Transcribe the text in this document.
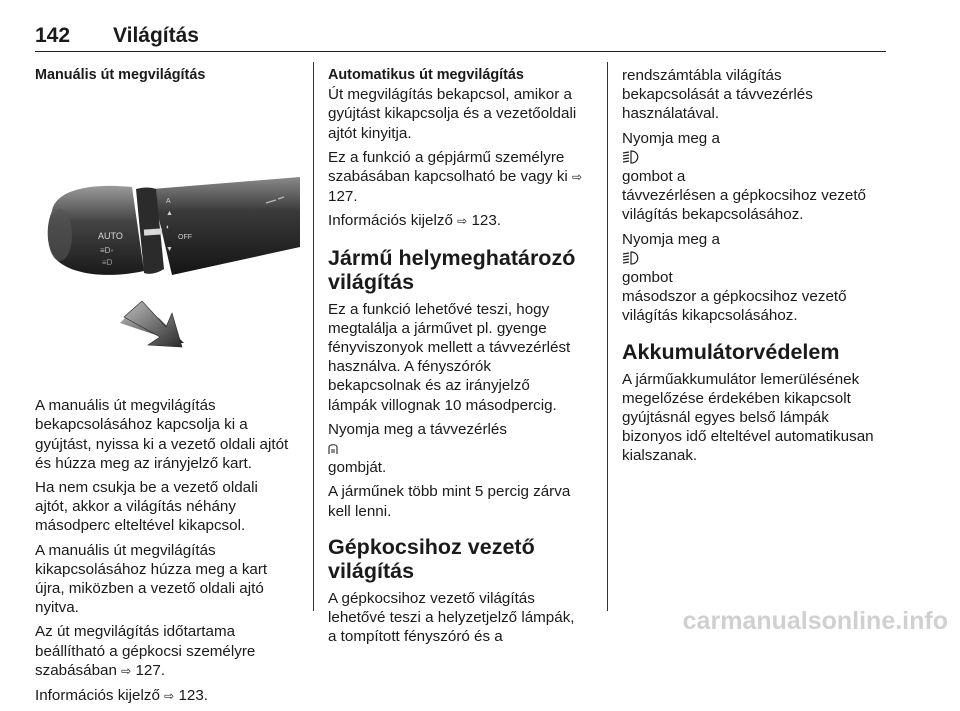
142 Világítás
Manuális út megvilágítás
AUTO
≡D◦
≡D
A
▲
◐
OFF
▼

A manuális út megvilágítás
bekapcsolásához kapcsolja ki a
gyújtást, nyissa ki a vezető oldali ajtót
és húzza meg az irányjelző kart.

Ha nem csukja be a vezető oldali
ajtót, akkor a világítás néhány
másodperc elteltével kikapcsol.

A manuális út megvilágítás
kikapcsolásához húzza meg a kart
újra, miközben a vezető oldali ajtó
nyitva.

Az út megvilágítás időtartama
beállítható a gépkocsi személyre
szabásában ⇨ 127.

Információs kijelző ⇨ 123.

Automatikus út megvilágítás

Út megvilágítás bekapcsol, amikor a
gyújtást kikapcsolja és a vezetőoldali
ajtót kinyitja.

Ez a funkció a gépjármű személyre
szabásában kapcsolható be vagy ki ⇨ 127.

Információs kijelző ⇨ 123.

Jármű helymeghatározó
világítás

Ez a funkció lehetővé teszi, hogy
megtalálja a járművet pl. gyenge
fényviszonyok mellett a távvezérlést
használva. A fényszórók
bekapcsolnak és az irányjelző
lámpák villognak 10 másodpercig.

Nyomja meg a távvezérlés

gombját.

A járműnek több mint 5 percig zárva
kell lenni.

Gépkocsihoz vezető
világítás

A gépkocsihoz vezető világítás
lehetővé teszi a helyzetjelző lámpák,
a tompított fényszóró és a

rendszámtábla világítás
bekapcsolását a távvezérlés
használatával.

Nyomja meg a

gombot a
távvezérlésen a gépkocsihoz vezető
világítás bekapcsolásához.

Nyomja meg a

gombot
másodszor a gépkocsihoz vezető
világítás kikapcsolásához.

Akkumulátorvédelem

A járműakkumulátor lemerülésének
megelőzése érdekében kikapcsolt
gyújtásnál egyes belső lámpák
bizonyos idő elteltével automatikusan
kialszanak.

carmanualsonline.info
